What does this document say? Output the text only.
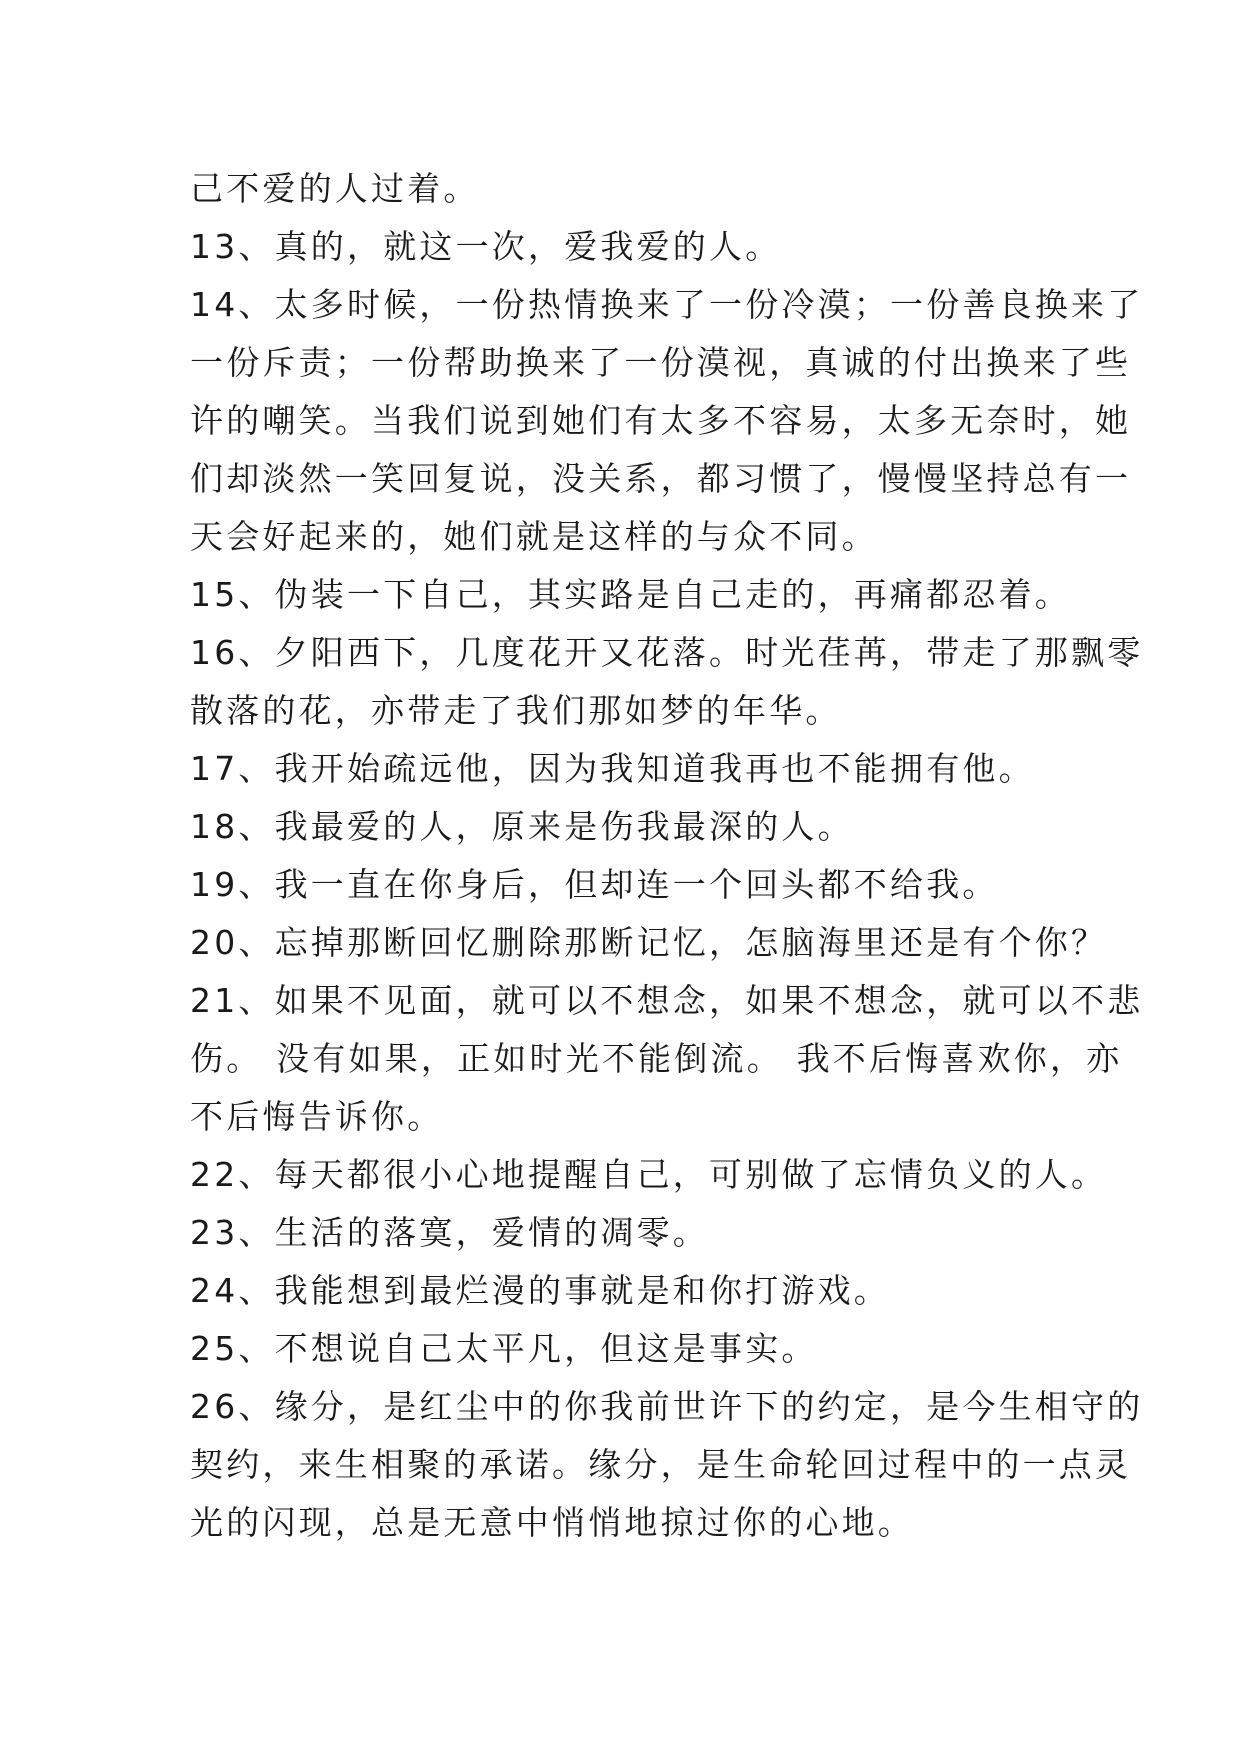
己不爱的人过着。
13、真的，就这一次，爱我爱的人。
14、太多时候，一份热情换来了一份冷漠；一份善良换来了
一份斥责；一份帮助换来了一份漠视，真诚的付出换来了些
许的嘲笑。当我们说到她们有太多不容易，太多无奈时，她
们却淡然一笑回复说，没关系，都习惯了，慢慢坚持总有一
天会好起来的，她们就是这样的与众不同。
15、伪装一下自己，其实路是自己走的，再痛都忍着。
16、夕阳西下，几度花开又花落。时光荏苒，带走了那飘零
散落的花，亦带走了我们那如梦的年华。
17、我开始疏远他，因为我知道我再也不能拥有他。
18、我最爱的人，原来是伤我最深的人。
19、我一直在你身后，但却连一个回头都不给我。
20、忘掉那断回忆删除那断记忆，怎脑海里还是有个你？
21、如果不见面，就可以不想念，如果不想念，就可以不悲
伤。 没有如果，正如时光不能倒流。 我不后悔喜欢你，亦
不后悔告诉你。
22、每天都很小心地提醒自己，可别做了忘情负义的人。
23、生活的落寞，爱情的凋零。
24、我能想到最烂漫的事就是和你打游戏。
25、不想说自己太平凡，但这是事实。
26、缘分，是红尘中的你我前世许下的约定，是今生相守的
契约，来生相聚的承诺。缘分，是生命轮回过程中的一点灵
光的闪现，总是无意中悄悄地掠过你的心地。
